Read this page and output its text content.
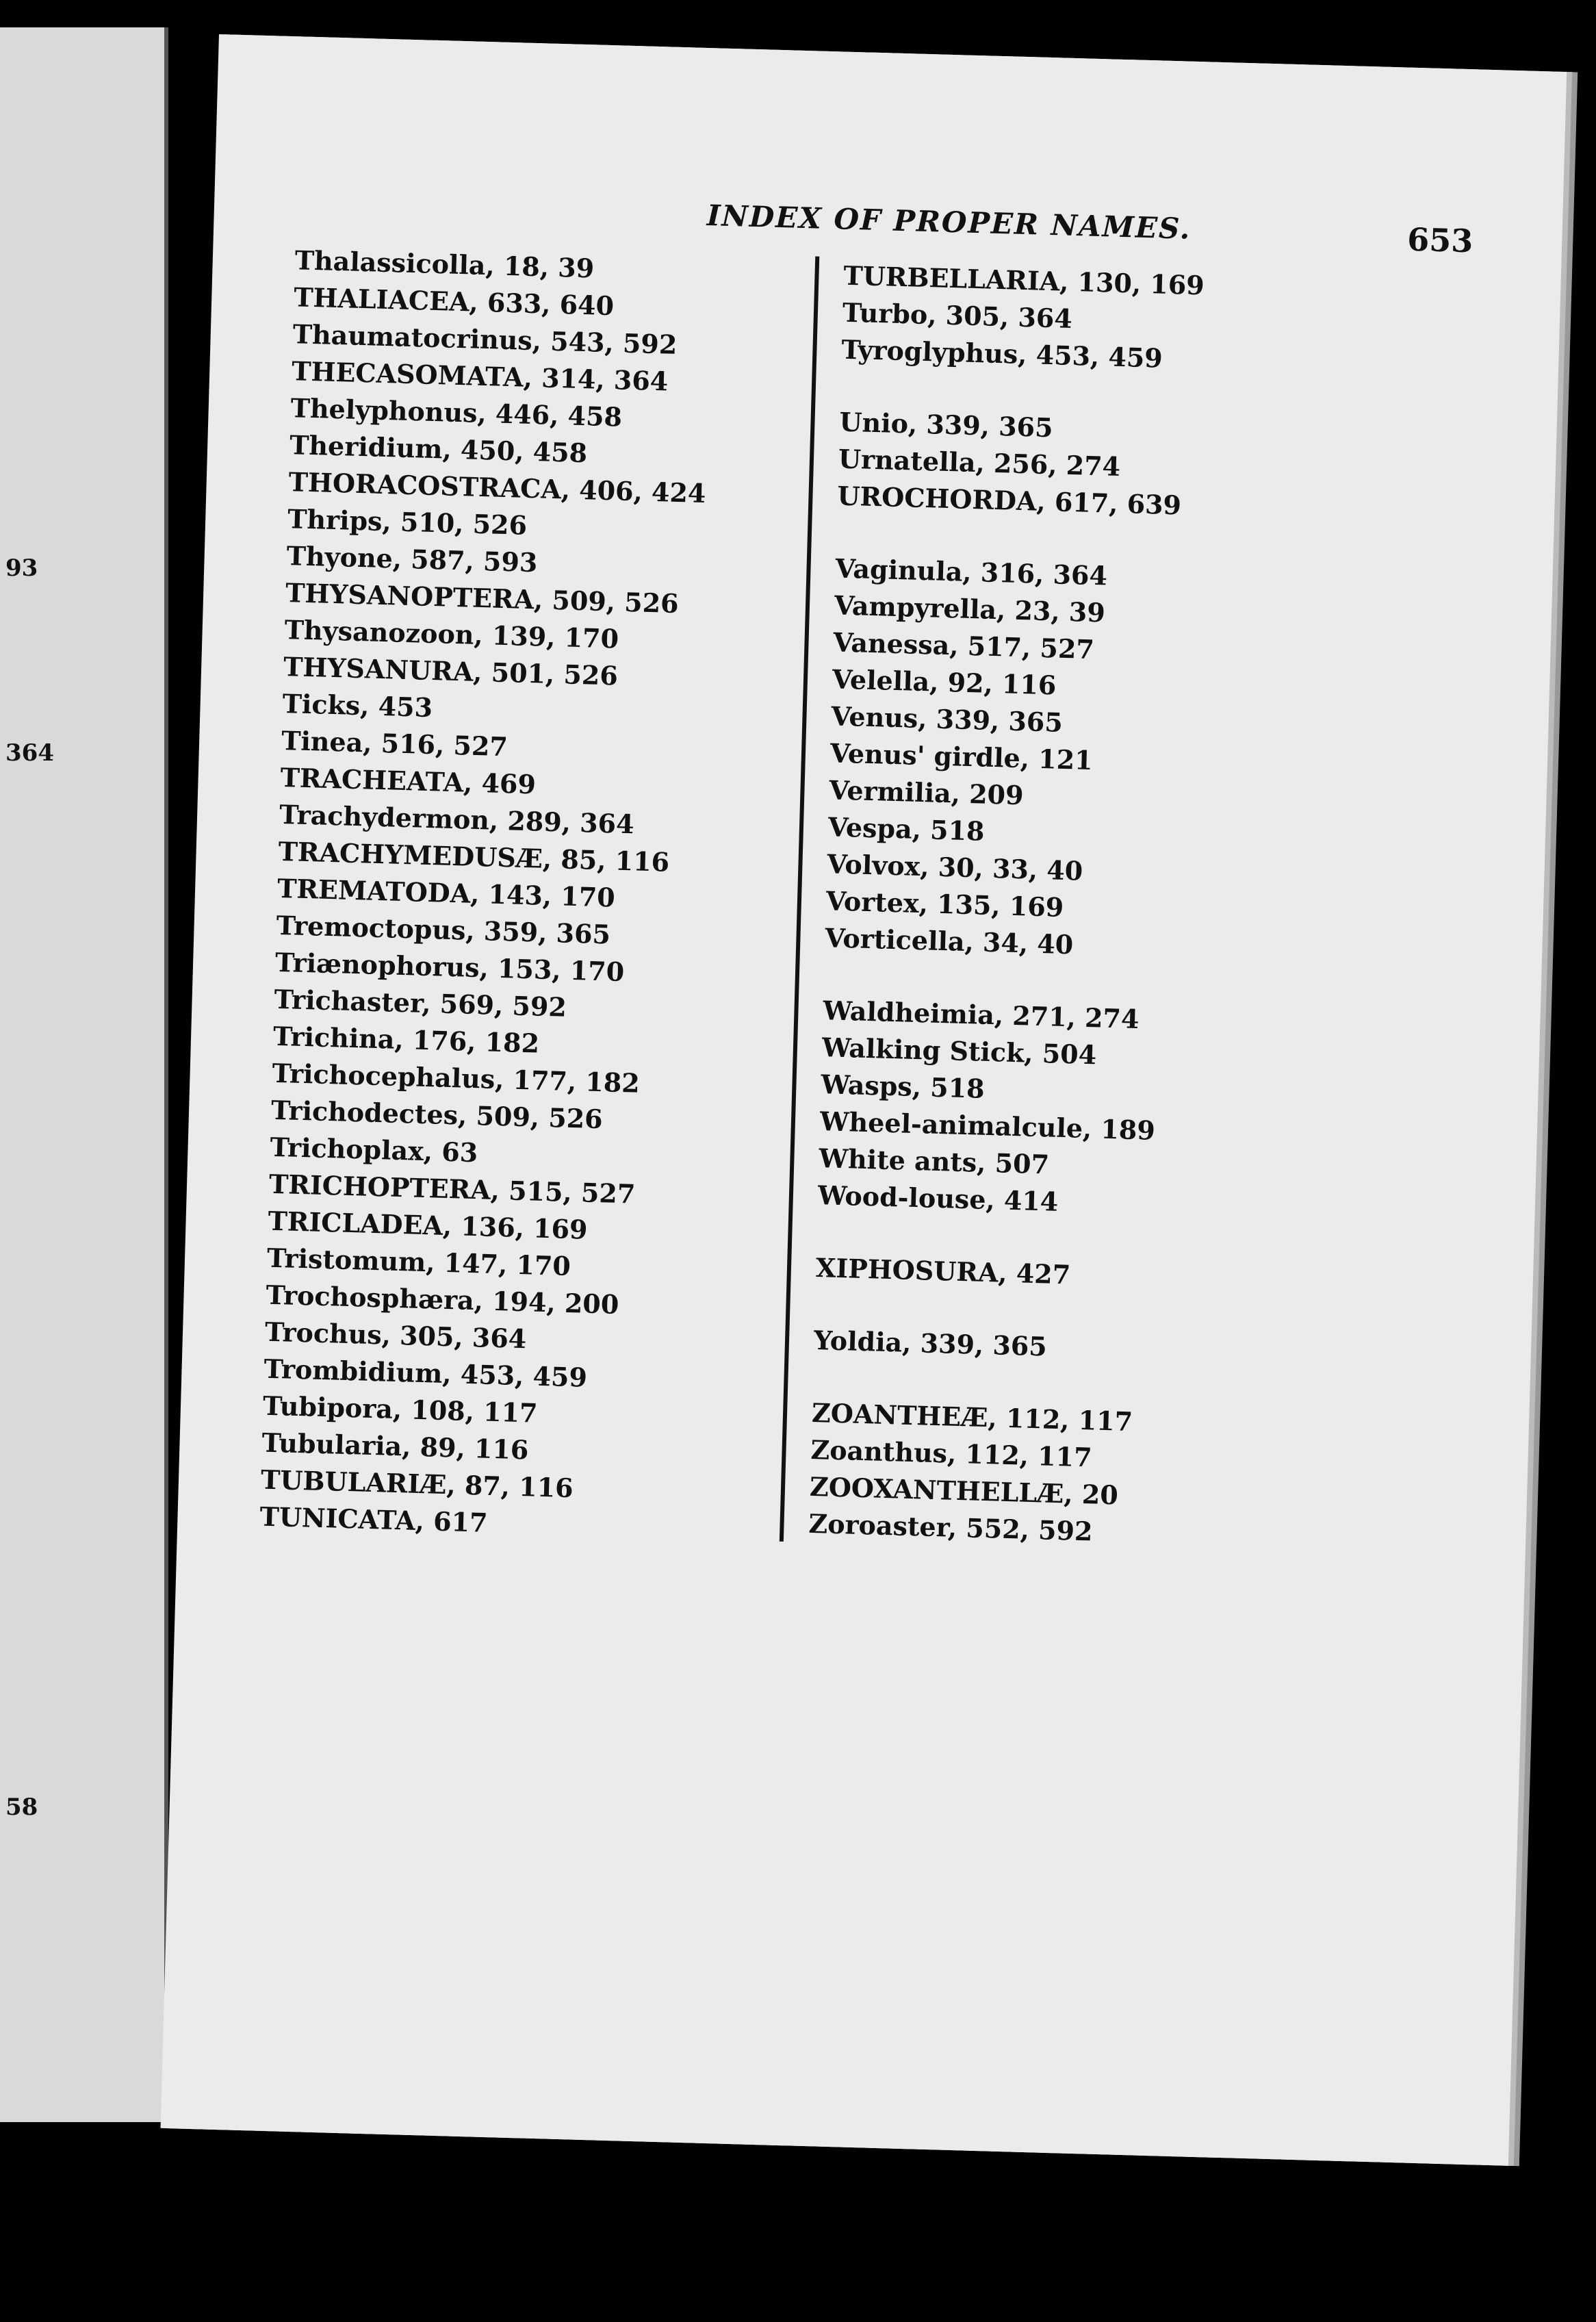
93
364
58
INDEX OF PROPER NAMES.	653
Thalassicolla, 18, 39
THALIACEA, 633, 640
Thaumatocrinus, 543, 592
THECASOMATA, 314, 364
Thelyphonus, 446, 458
Theridium, 450, 458
THORACOSTRACA, 406, 424
Thrips, 510, 526
Thyone, 587, 593
THYSANOPTERA, 509, 526
Thysanozoon, 139, 170
THYSANURA, 501, 526
Ticks, 453
Tinea, 516, 527
TRACHEATA, 469
Trachydermon, 289, 364
TRACHYMEDUSÆ, 85, 116
TREMATODA, 143, 170
Tremoctopus, 359, 365
Triænophorus, 153, 170
Trichaster, 569, 592
Trichina, 176, 182
Trichocephalus, 177, 182
Trichodectes, 509, 526
Trichoplax, 63
TRICHOPTERA, 515, 527
TRICLADEA, 136, 169
Tristomum, 147, 170
Trochosphæra, 194, 200
Trochus, 305, 364
Trombidium, 453, 459
Tubipora, 108, 117
Tubularia, 89, 116
TUBULARIÆ, 87, 116
TUNICATA, 617
TURBELLARIA, 130, 169
Turbo, 305, 364
Tyroglyphus, 453, 459
Unio, 339, 365
Urnatella, 256, 274
UROCHORDA, 617, 639
Vaginula, 316, 364
Vampyrella, 23, 39
Vanessa, 517, 527
Velella, 92, 116
Venus, 339, 365
Venus' girdle, 121
Vermilia, 209
Vespa, 518
Volvox, 30, 33, 40
Vortex, 135, 169
Vorticella, 34, 40
Waldheimia, 271, 274
Walking Stick, 504
Wasps, 518
Wheel-animalcule, 189
White ants, 507
Wood-louse, 414
XIPHOSURA, 427
Yoldia, 339, 365
ZOANTHEÆ, 112, 117
Zoanthus, 112, 117
ZOOXANTHELLÆ, 20
Zoroaster, 552, 592
